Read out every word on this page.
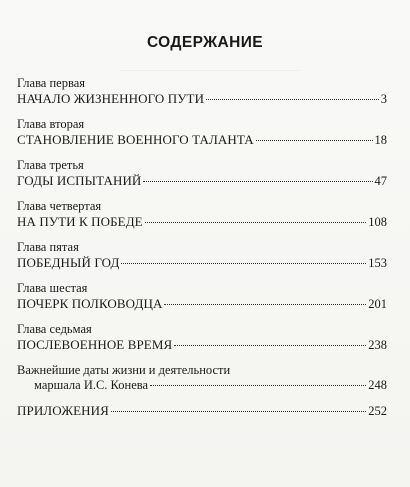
СОДЕРЖАНИЕ
Глава первая
НАЧАЛО ЖИЗНЕННОГО ПУТИ	3
Глава вторая
СТАНОВЛЕНИЕ ВОЕННОГО ТАЛАНТА	18
Глава третья
ГОДЫ ИСПЫТАНИЙ	47
Глава четвертая
НА ПУТИ К ПОБЕДЕ	108
Глава пятая
ПОБЕДНЫЙ ГОД	153
Глава шестая
ПОЧЕРК ПОЛКОВОДЦА	201
Глава седьмая
ПОСЛЕВОЕННОЕ ВРЕМЯ	238
Важнейшие даты жизни и деятельности
маршала И.С. Конева	248
ПРИЛОЖЕНИЯ	252
